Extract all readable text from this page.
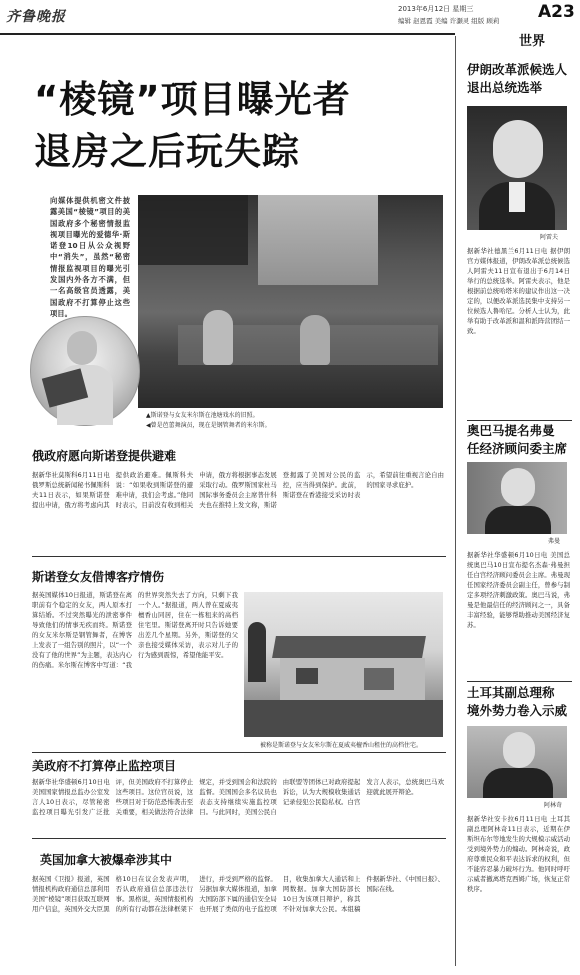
齐鲁晚报	2013年6月12日 星期三
编辑 赵恩霞 美编 许灏灵 组版 顾莉 A23
世界
“棱镜”项目曝光者
退房之后玩失踪
向媒体提供机密文件披露美国“棱镜”项目的美国政府多个秘密情报监视项目曝光的爱德华·斯诺登10日从公众视野中“消失”，虽然“秘密情报监视项目的曝光引发国内外各方不满，但一名高级官员透露，美国政府不打算停止这些项目。
▲斯诺登与女友米尔斯在池塘戏水的旧照。
◀曾是芭蕾舞演员，现在是钢管舞者的米尔斯。
俄政府愿向斯诺登提供避难
据新华社莫斯科6月11日电 俄罗斯总统新闻秘书佩斯科夫11日表示，如果斯诺登提出申请，俄方将考虑向其提供政治避难。佩斯科夫说：“如果收到斯诺登的避难申请，我们会考虑。”他同时表示，目前没有收到相关申请，俄方将根据事态发展采取行动。俄罗斯国家杜马国际事务委员会主席普什科夫也在推特上发文称，斯诺登揭露了美国对公民的监控，应当得到保护。此前，斯诺登在香港接受采访时表示，希望前往重视言论自由的国家寻求庇护。
斯诺登女友借博客疗情伤
据英国媒体10日报道，斯诺登在离职前有个稳定的女友，两人原本打算结婚。不过突然曝光的泄密事件导致他们的情事无疾而终。斯诺登的女友米尔斯是钢管舞者，在博客上发表了一组告别的照片，以“一个没有了他的世界”为主题，表达内心的伤痛。米尔斯在博客中写道：“我的世界突然失去了方向，只剩下我一个人。”据报道，两人曾在夏威夷檀香山同居，住在一栋租来的高档住宅里。斯诺登离开时只告诉她要出差几个星期。另外，斯诺登的父亲也接受媒体采访，表示对儿子的行为感到震惊，希望他能平安。
被称是斯诺登与女友米尔斯在夏威夷檀香山租住的高档住宅。
美政府不打算停止监控项目
据新华社华盛顿6月10日电 美国国家情报总监办公室发言人10日表示，尽管秘密监控项目曝光引发广泛批评，但美国政府不打算停止这些项目。这位官员说，这些项目对于防范恐怖袭击至关重要，相关做法符合法律规定，并受到国会和法院的监督。美国国会多名议员也表态支持继续实施监控项目。与此同时，美国公民自由联盟等团体已对政府提起诉讼，认为大规模收集通话记录侵犯公民隐私权。白宫发言人表示，总统奥巴马欢迎就此展开辩论。
英国加拿大被爆牵涉其中
据英国《卫报》报道，英国情报机构政府通信总部利用美国“棱镜”项目获取互联网用户信息，英国外交大臣黑格10日在议会发表声明，否认政府通信总部违法行事。黑格说，英国情报机构的所有行动都在法律框架下进行，并受到严格的监督。另据加拿大媒体报道，加拿大国防部下属的通信安全局也开展了类似的电子监控项目，收集加拿大人通话和上网数据。加拿大国防部长10日为该项目辩护，称其不针对加拿大公民。本组稿件据新华社、《中国日报》、国际在线。
伊朗改革派候选人
退出总统选举
阿雷夫
据新华社德黑兰6月11日电 据伊朗官方媒体报道，伊朗改革派总统候选人阿雷夫11日宣布退出于6月14日举行的总统选举。阿雷夫表示，他是根据前总统哈塔米的建议作出这一决定的，以便改革派选民集中支持另一位候选人鲁哈尼。分析人士认为，此举有助于改革派和温和派阵营团结一致。
奥巴马提名弗曼
任经济顾问委主席
弗曼
据新华社华盛顿6月10日电 美国总统奥巴马10日宣布提名杰森·弗曼担任白宫经济顾问委员会主席。弗曼现任国家经济委员会副主任，曾参与制定多项经济刺激政策。奥巴马说，弗曼是他最信任的经济顾问之一，具备丰富经验，能够帮助推动美国经济复苏。
土耳其副总理称
境外势力卷入示威
阿林奇
据新华社安卡拉6月11日电 土耳其副总理阿林奇11日表示，近期在伊斯坦布尔等地发生的大规模示威活动受到境外势力的煽动。阿林奇说，政府尊重民众和平表达诉求的权利，但不能容忍暴力破坏行为。他同时呼吁示威者撤离塔克西姆广场，恢复正常秩序。
